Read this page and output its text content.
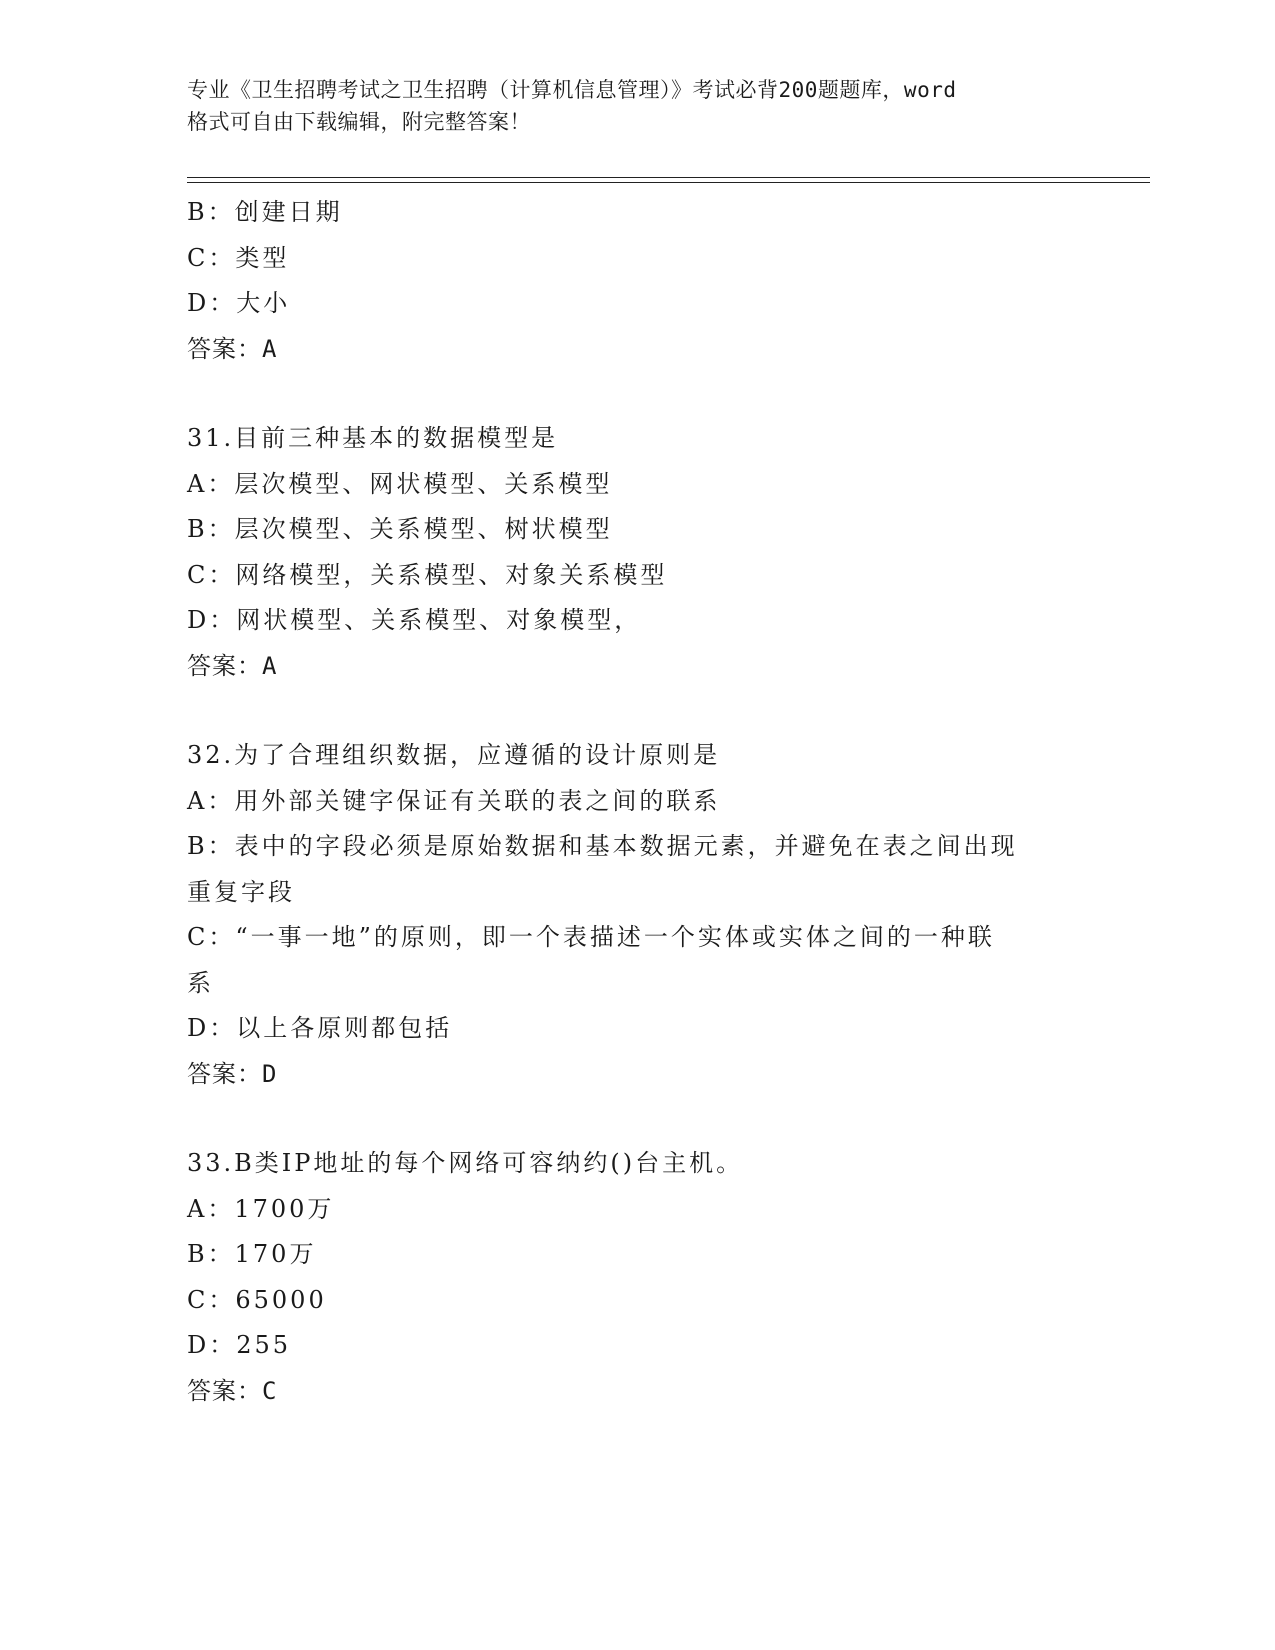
专业《卫生招聘考试之卫生招聘（计算机信息管理）》考试必背200题题库，word
格式可自由下载编辑，附完整答案！
B：创建日期
C：类型
D：大小
答案：A
31.目前三种基本的数据模型是
A：层次模型、网状模型、关系模型
B：层次模型、关系模型、树状模型
C：网络模型，关系模型、对象关系模型
D：网状模型、关系模型、对象模型，
答案：A
32.为了合理组织数据，应遵循的设计原则是
A：用外部关键字保证有关联的表之间的联系
B：表中的字段必须是原始数据和基本数据元素，并避免在表之间出现
重复字段
C：“一事一地”的原则，即一个表描述一个实体或实体之间的一种联
系
D：以上各原则都包括
答案：D
33.B类IP地址的每个网络可容纳约()台主机。
A：1700万
B：170万
C：65000
D：255
答案：C
